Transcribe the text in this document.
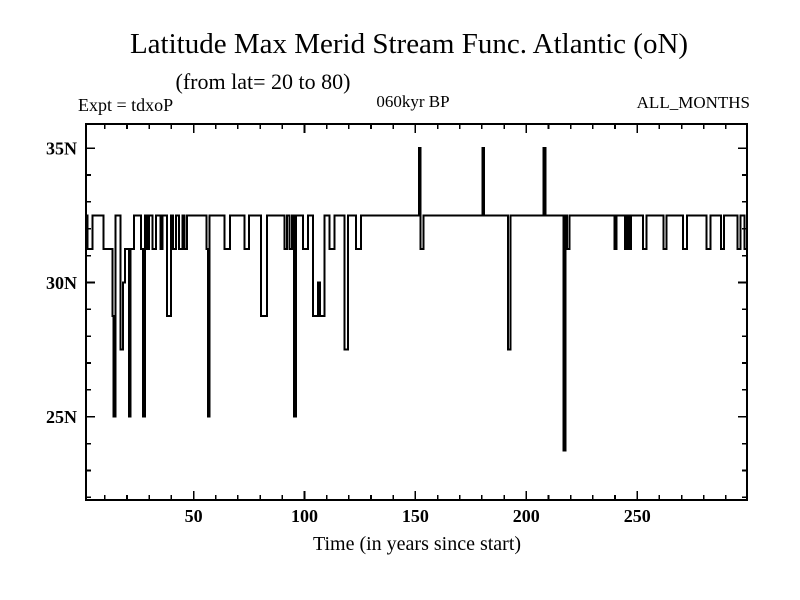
50	100	150	200	250
25N
30N
35N
Latitude Max Merid Stream Func. Atlantic (oN)
(from lat= 20 to 80)
Expt = tdxoP	060kyr BP	ALL_MONTHS
Time (in years since start)
